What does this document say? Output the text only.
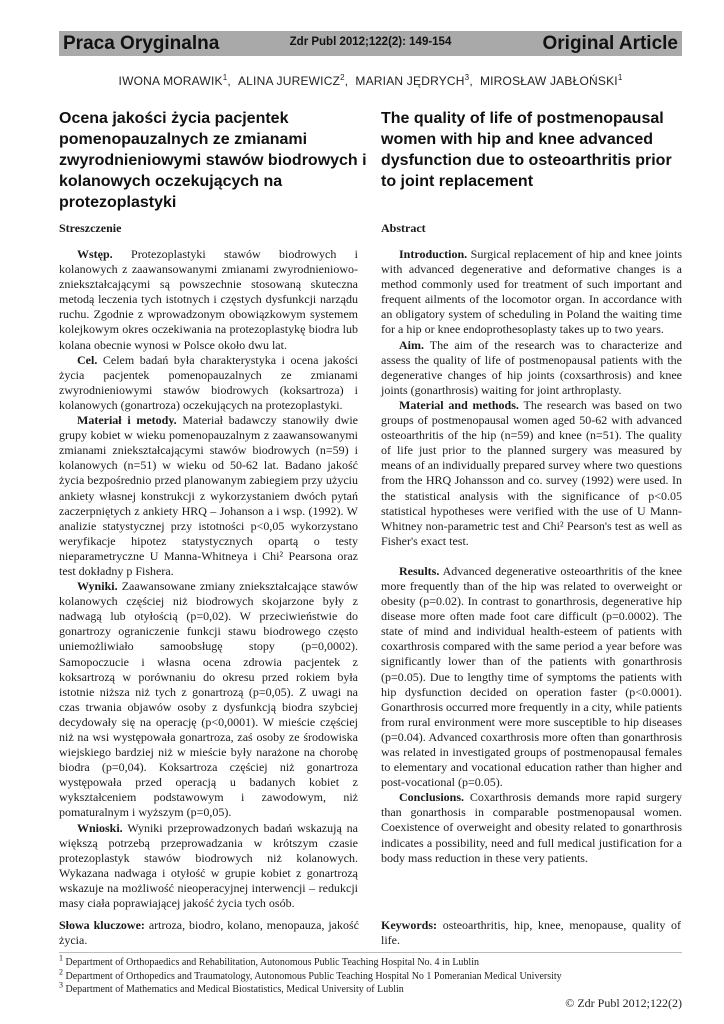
Praca Oryginalna	Zdr Publ 2012;122(2): 149-154	Original Article
IWONA MORAWIK$^1$,  ALINA JUREWICZ$^2$,  MARIAN JĘDRYCH$^3$,  MIROSŁAW JABŁOŃSKI$^1$
Ocena jakości życia pacjentek pomenopauzalnych ze zmianami zwyrodnieniowymi stawów biodrowych i kolanowych oczekujących na protezoplastyki
The quality of life of postmenopausal women with hip and knee advanced dysfunction due to osteoarthritis prior to joint replacement
Streszczenie	Abstract

Wstęp. Protezoplastyki stawów biodrowych i kolanowych z zaawansowanymi zmianami zwyrodnieniowo-zniekształcającymi są powszechnie stosowaną skuteczna metodą leczenia tych istotnych i częstych dysfunkcji narządu ruchu. Zgodnie z wprowadzonym obowiązkowym systemem kolejkowym okres oczekiwania na protezoplastykę biodra lub kolana obecnie wynosi w Polsce około dwu lat.

Cel. Celem badań była charakterystyka i ocena jakości życia pacjentek pomenopauzalnych ze zmianami zwyrodnieniowymi stawów biodrowych (koksartroza) i kolanowych (gonartroza) oczekujących na protezoplastyki.

Materiał i metody. Materiał badawczy stanowiły dwie grupy kobiet w wieku pomenopauzalnym z zaawansowanymi zmianami zniekształcającymi stawów biodrowych (n=59) i kolanowych (n=51) w wieku od 50-62 lat. Badano jakość życia bezpośrednio przed planowanym zabiegiem przy użyciu ankiety własnej konstrukcji z wykorzystaniem dwóch pytań zaczerpniętych z ankiety HRQ – Johanson a i wsp. (1992). W analizie statystycznej przy istotności p<0,05 wykorzystano weryfikacje hipotez statystycznych opartą o testy nieparametryczne U Manna-Whitneya i Chi² Pearsona oraz test dokładny p Fishera.

Wyniki. Zaawansowane zmiany zniekształcające stawów kolanowych częściej niż biodrowych skojarzone były z nadwagą lub otyłością (p=0,02). W przeciwieństwie do gonartrozy ograniczenie funkcji stawu biodrowego często uniemożliwiało samoobsługę stopy (p=0,0002). Samopoczucie i własna ocena zdrowia pacjentek z koksartrozą w porównaniu do okresu przed rokiem była istotnie niższa niż tych z gonartrozą (p=0,05). Z uwagi na czas trwania objawów osoby z dysfunkcją biodra szybciej decydowały się na operację (p<0,0001). W mieście częściej niż na wsi występowała gonartroza, zaś osoby ze środowiska wiejskiego bardziej niż w mieście były narażone na chorobę biodra (p=0,04). Koksartroza częściej niż gonartroza występowała przed operacją u badanych kobiet z wykształceniem podstawowym i zawodowym, niż pomaturalnym i wyższym (p=0,05).

Wnioski. Wyniki przeprowadzonych badań wskazują na większą potrzebą przeprowadzania w krótszym czasie protezoplastyk stawów biodrowych niż kolanowych. Wykazana nadwaga i otyłość w grupie kobiet z gonartrozą wskazuje na możliwość nieoperacyjnej interwencji – redukcji masy ciała poprawiającej jakość życia tych osób.

Introduction. Surgical replacement of hip and knee joints with advanced degenerative and deformative changes is a method commonly used for treatment of such important and frequent ailments of the locomotor organ. In accordance with an obligatory system of scheduling in Poland the waiting time for a hip or knee endoprothesoplasty takes up to two years.

Aim. The aim of the research was to characterize and assess the quality of life of postmenopausal patients with the degenerative changes of hip joints (coxsarthrosis) and knee joints (gonarthrosis) waiting for joint arthroplasty.

Material and methods. The research was based on two groups of postmenopausal women aged 50-62 with advanced osteoarthritis of the hip (n=59) and knee (n=51). The quality of life just prior to the planned surgery was measured by means of an individually prepared survey where two questions from the HRQ Johansson and co. survey (1992) were used. In the statistical analysis with the significance of p<0.05 statistical hypotheses were verified with the use of U Mann-Whitney non-parametric test and Chi² Pearson's test as well as Fisher's exact test.

Results. Advanced degenerative osteoarthritis of the knee more frequently than of the hip was related to overweight or obesity (p=0.02). In contrast to gonarthrosis, degenerative hip disease more often made foot care difficult (p=0.0002). The state of mind and individual health-esteem of patients with coxarthrosis compared with the same period a year before was significantly lower than of the patients with gonarthrosis (p=0.05). Due to lengthy time of symptoms the patients with hip dysfunction decided on operation faster (p<0.0001). Gonarthrosis occurred more frequently in a city, while patients from rural environment were more susceptible to hip diseases (p=0.04). Advanced coxarthrosis more often than gonarthrosis was related in investigated groups of postmenopausal females to elementary and vocational education rather than higher and post-vocational (p=0.05).

Conclusions. Coxarthrosis demands more rapid surgery than gonarthosis in comparable postmenopausal women. Coexistence of overweight and obesity related to gonarthrosis indicates a possibility, need and full medical justification for a body mass reduction in these very patients.

Słowa kluczowe: artroza, biodro, kolano, menopauza, jakość życia.
Keywords: osteoarthritis, hip, knee, menopause, quality of life.
$^1$ Department of Orthopaedics and Rehabilitation, Autonomous Public Teaching Hospital No. 4 in Lublin
$^2$ Department of Orthopedics and Traumatology, Autonomous Public Teaching Hospital No 1 Pomeranian Medical University
$^3$ Department of Mathematics and Medical Biostatistics, Medical University of Lublin
© Zdr Publ 2012;122(2)
